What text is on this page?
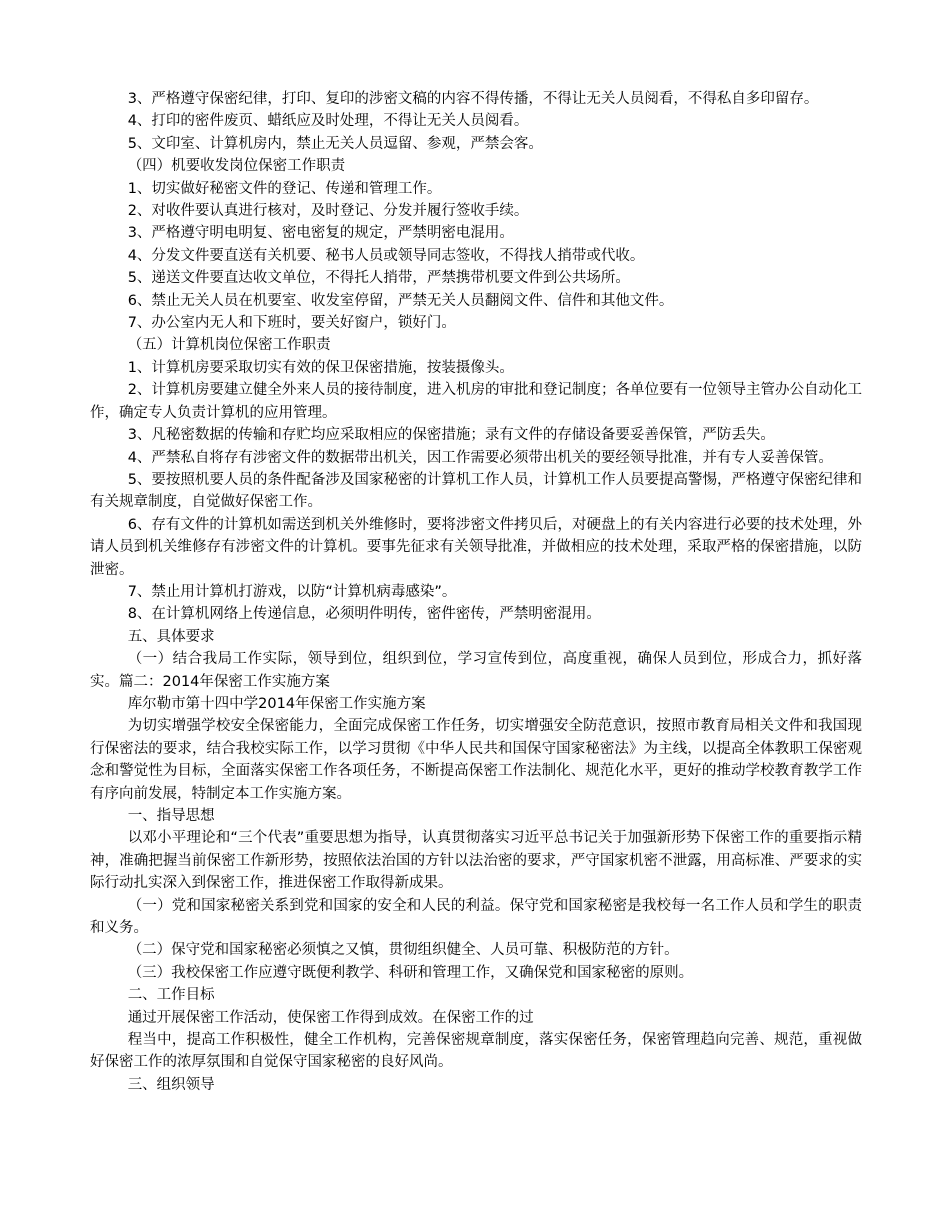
3、严格遵守保密纪律，打印、复印的涉密文稿的内容不得传播，不得让无关人员阅看，不得私自多印留存。

4、打印的密件废页、蜡纸应及时处理，不得让无关人员阅看。

5、文印室、计算机房内，禁止无关人员逗留、参观，严禁会客。

（四）机要收发岗位保密工作职责

1、切实做好秘密文件的登记、传递和管理工作。

2、对收件要认真进行核对，及时登记、分发并履行签收手续。

3、严格遵守明电明复、密电密复的规定，严禁明密电混用。

4、分发文件要直送有关机要、秘书人员或领导同志签收，不得找人捎带或代收。

5、递送文件要直达收文单位，不得托人捎带，严禁携带机要文件到公共场所。

6、禁止无关人员在机要室、收发室停留，严禁无关人员翻阅文件、信件和其他文件。

7、办公室内无人和下班时，要关好窗户，锁好门。

（五）计算机岗位保密工作职责

1、计算机房要采取切实有效的保卫保密措施，按装摄像头。

2、计算机房要建立健全外来人员的接待制度，进入机房的审批和登记制度；各单位要有一位领导主管办公自动化工作，确定专人负责计算机的应用管理。

3、凡秘密数据的传输和存贮均应采取相应的保密措施；录有文件的存储设备要妥善保管，严防丢失。

4、严禁私自将存有涉密文件的数据带出机关，因工作需要必须带出机关的要经领导批准，并有专人妥善保管。

5、要按照机要人员的条件配备涉及国家秘密的计算机工作人员，计算机工作人员要提高警惕，严格遵守保密纪律和有关规章制度，自觉做好保密工作。

6、存有文件的计算机如需送到机关外维修时，要将涉密文件拷贝后，对硬盘上的有关内容进行必要的技术处理，外请人员到机关维修存有涉密文件的计算机。要事先征求有关领导批准，并做相应的技术处理，采取严格的保密措施，以防泄密。

7、禁止用计算机打游戏，以防“计算机病毒感染”。

8、在计算机网络上传递信息，必须明件明传，密件密传，严禁明密混用。

五、具体要求

（一）结合我局工作实际，领导到位，组织到位，学习宣传到位，高度重视，确保人员到位，形成合力，抓好落实。篇二：2014年保密工作实施方案

库尔勒市第十四中学2014年保密工作实施方案

为切实增强学校安全保密能力，全面完成保密工作任务，切实增强安全防范意识，按照市教育局相关文件和我国现行保密法的要求，结合我校实际工作，以学习贯彻《中华人民共和国保守国家秘密法》为主线，以提高全体教职工保密观念和警觉性为目标，全面落实保密工作各项任务，不断提高保密工作法制化、规范化水平，更好的推动学校教育教学工作有序向前发展，特制定本工作实施方案。

一、指导思想

以邓小平理论和“三个代表”重要思想为指导，认真贯彻落实习近平总书记关于加强新形势下保密工作的重要指示精神，准确把握当前保密工作新形势，按照依法治国的方针以法治密的要求，严守国家机密不泄露，用高标准、严要求的实际行动扎实深入到保密工作，推进保密工作取得新成果。

（一）党和国家秘密关系到党和国家的安全和人民的利益。保守党和国家秘密是我校每一名工作人员和学生的职责和义务。

（二）保守党和国家秘密必须慎之又慎，贯彻组织健全、人员可靠、积极防范的方针。

（三）我校保密工作应遵守既便利教学、科研和管理工作，又确保党和国家秘密的原则。

二、工作目标

通过开展保密工作活动，使保密工作得到成效。在保密工作的过

程当中，提高工作积极性，健全工作机构，完善保密规章制度，落实保密任务，保密管理趋向完善、规范，重视做好保密工作的浓厚氛围和自觉保守国家秘密的良好风尚。

三、组织领导
